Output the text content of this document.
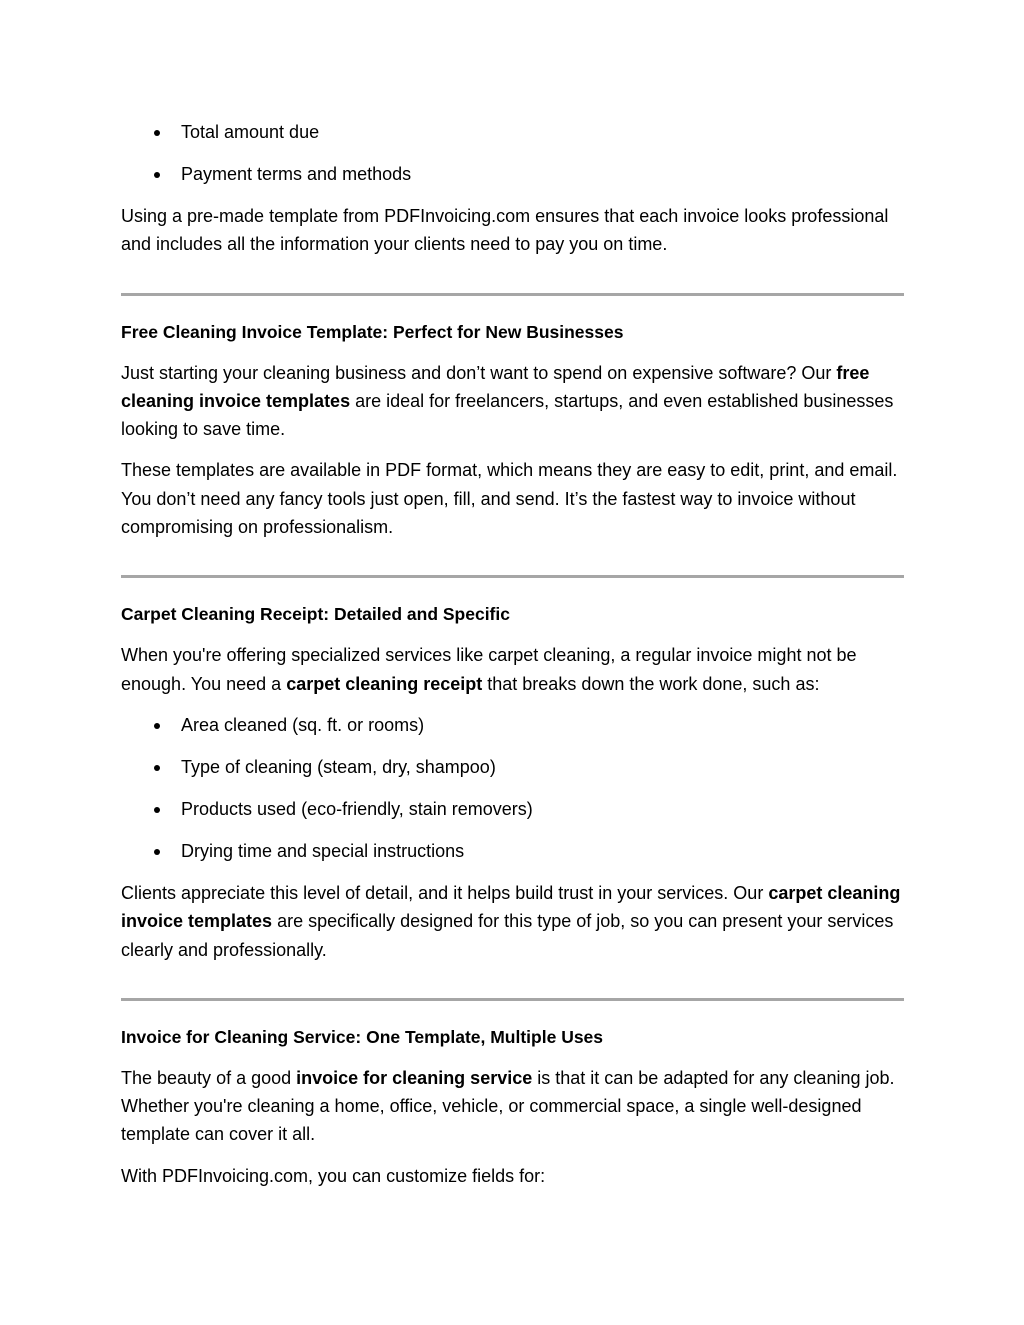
Total amount due
Payment terms and methods

Using a pre-made template from PDFInvoicing.com ensures that each invoice looks professional and includes all the information your clients need to pay you on time.

Free Cleaning Invoice Template: Perfect for New Businesses

Just starting your cleaning business and don’t want to spend on expensive software? Our free cleaning invoice templates are ideal for freelancers, startups, and even established businesses looking to save time.

These templates are available in PDF format, which means they are easy to edit, print, and email. You don’t need any fancy tools just open, fill, and send. It’s the fastest way to invoice without compromising on professionalism.

Carpet Cleaning Receipt: Detailed and Specific

When you're offering specialized services like carpet cleaning, a regular invoice might not be enough. You need a carpet cleaning receipt that breaks down the work done, such as:

Area cleaned (sq. ft. or rooms)
Type of cleaning (steam, dry, shampoo)
Products used (eco-friendly, stain removers)
Drying time and special instructions

Clients appreciate this level of detail, and it helps build trust in your services. Our carpet cleaning invoice templates are specifically designed for this type of job, so you can present your services clearly and professionally.

Invoice for Cleaning Service: One Template, Multiple Uses

The beauty of a good invoice for cleaning service is that it can be adapted for any cleaning job. Whether you're cleaning a home, office, vehicle, or commercial space, a single well-designed template can cover it all.

With PDFInvoicing.com, you can customize fields for:
